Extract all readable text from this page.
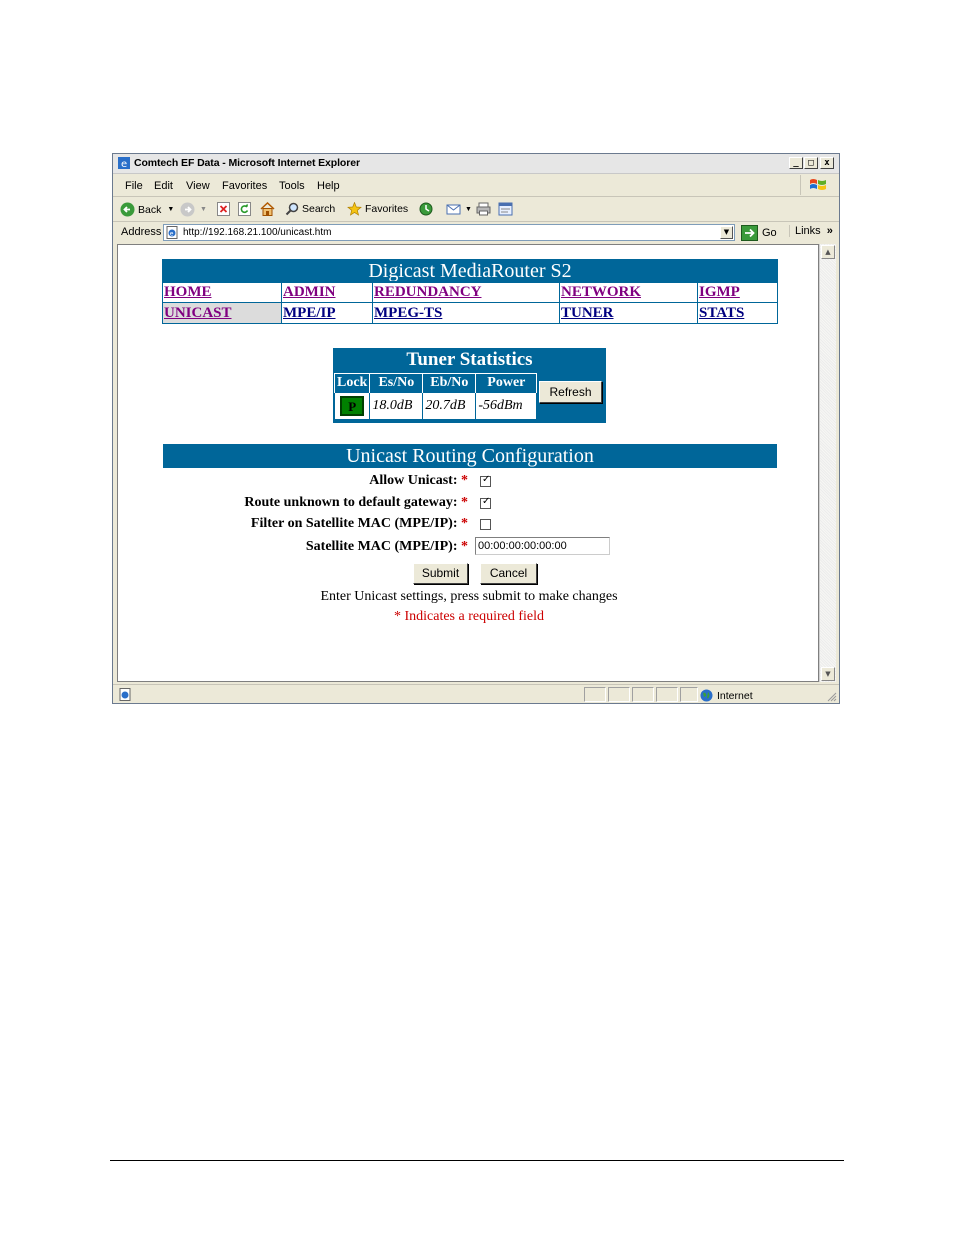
e Comtech EF Data - Microsoft Internet Explorer	_	□	x
File Edit View Favorites Tools Help
Back ▼	▼	Search	Favorites	▼
Address e http://192.168.21.100/unicast.htm	▼	Go	Links »
Digicast MediaRouter S2
HOME	ADMIN	REDUNDANCY	NETWORK	IGMP
UNICAST	MPE/IP	MPEG-TS	TUNER	STATS
Tuner Statistics
Lock	Es/No	Eb/No	Power

P	18.0dB	20.7dB	-56dBm
Refresh
Unicast Routing Configuration
Allow Unicast: * ✓
Route unknown to default gateway: * ✓
Filter on Satellite MAC (MPE/IP): *
Satellite MAC (MPE/IP): * 00:00:00:00:00:00
Submit	Cancel
Enter Unicast settings, press submit to make changes
* Indicates a required field
▲
▼
Internet
